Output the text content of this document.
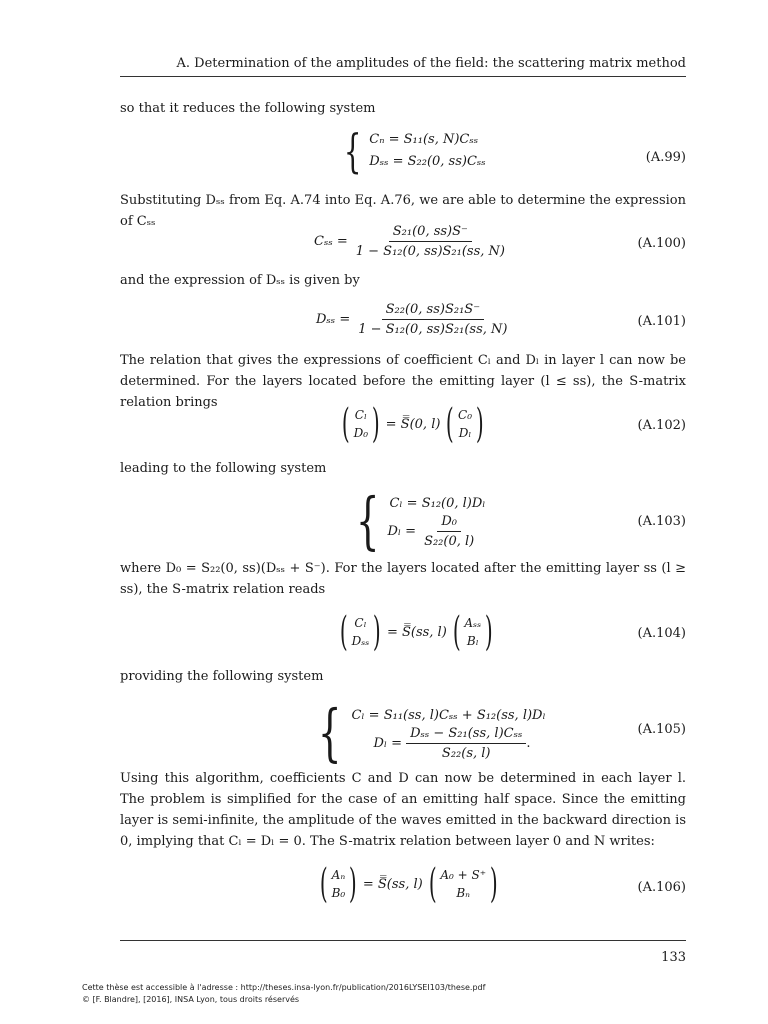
A. Determination of the amplitudes of the field: the scattering matrix method
so that it reduces the following system
{ Cₙ = S₁₁(s, N)Cₛₛ
Dₛₛ = S₂₂(0, ss)Cₛₛ	(A.99)
Substituting Dₛₛ from Eq. A.74 into Eq. A.76, we are able to determine the expression of Cₛₛ
$C_{ss} = \frac{\text{S₂₁(0, ss)S⁻}}{\text{1 − S₁₂(0, ss)S₂₁(ss, N)}}$	(A.100)
and the expression of Dₛₛ is given by
$D_{ss} = \frac{\text{S₂₂(0, ss)S₂₁S⁻}}{\text{1 − S₁₂(0, ss)S₂₁(ss, N)}}$	(A.101)
The relation that gives the expressions of coefficient Cₗ and Dₗ in layer l can now be determined. For the layers located before the emitting layer (l ≤ ss), the S-matrix relation brings	( Cₗ
D₀ ) = S̿(0, l) ( C₀
Dₗ )	(A.102)
leading to the following system
{ Cₗ = S₁₂(0, l)Dₗ
$D_l = \frac{\text{D₀}}{\text{S₂₂(0, l)}}$	(A.103)
where D₀ = S₂₂(0, ss)(Dₛₛ + S⁻). For the layers located after the emitting layer ss (l ≥ ss), the S-matrix relation reads
( Cₗ
Dₛₛ ) = S̿(ss, l) ( Aₛₛ
Bₗ )	(A.104)
providing the following system
{ Cₗ = S₁₁(ss, l)Cₛₛ + S₁₂(ss, l)Dₗ
$D_l = \frac{\text{Dₛₛ − S₂₁(ss, l)Cₛₛ}}{\text{S₂₂(s, l)}}$ .
(A.105)
Using this algorithm, coefficients C and D can now be determined in each layer l. The problem is simplified for the case of an emitting half space. Since the emitting layer is semi-infinite, the amplitude of the waves emitted in the backward direction is 0, implying that Cₗ = Dₗ = 0. The S-matrix relation between layer 0 and N writes:
( Aₙ
B₀ ) = S̿(ss, l) ( A₀ + S⁺
Bₙ )	(A.106)
133
Cette thèse est accessible à l'adresse : http://theses.insa-lyon.fr/publication/2016LYSEI103/these.pdf
© [F. Blandre], [2016], INSA Lyon, tous droits réservés
